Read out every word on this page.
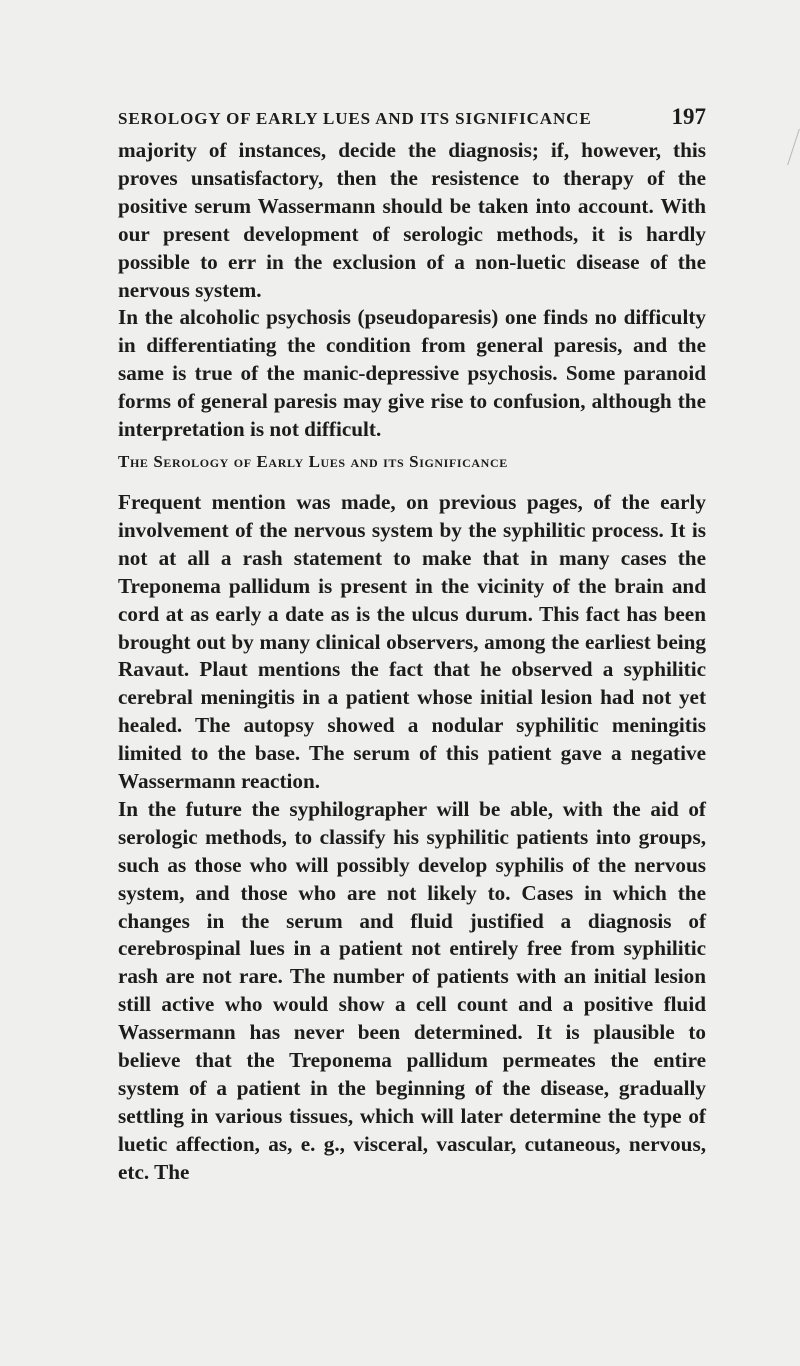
SEROLOGY OF EARLY LUES AND ITS SIGNIFICANCE	197

majority of instances, decide the diagnosis; if, however, this proves unsatisfactory, then the resistence to therapy of the positive serum Wassermann should be taken into account. With our present development of serologic methods, it is hardly possible to err in the exclusion of a non-luetic disease of the nervous system.

In the alcoholic psychosis (pseudoparesis) one finds no difficulty in differentiating the condition from general paresis, and the same is true of the manic-depressive psychosis. Some paranoid forms of general paresis may give rise to confusion, although the interpretation is not difficult.

The Serology of Early Lues and its Significance

Frequent mention was made, on previous pages, of the early involvement of the nervous system by the syphilitic process. It is not at all a rash statement to make that in many cases the Treponema pallidum is present in the vicinity of the brain and cord at as early a date as is the ulcus durum. This fact has been brought out by many clinical observers, among the earliest being Ravaut. Plaut mentions the fact that he observed a syphilitic cerebral meningitis in a patient whose initial lesion had not yet healed. The autopsy showed a nodular syphilitic meningitis limited to the base. The serum of this patient gave a negative Wassermann reaction.

In the future the syphilographer will be able, with the aid of serologic methods, to classify his syphilitic patients into groups, such as those who will possibly develop syphilis of the nervous system, and those who are not likely to. Cases in which the changes in the serum and fluid justified a diagnosis of cerebrospinal lues in a patient not entirely free from syphilitic rash are not rare. The number of patients with an initial lesion still active who would show a cell count and a positive fluid Wassermann has never been determined. It is plausible to believe that the Treponema pallidum permeates the entire system of a patient in the beginning of the disease, gradually settling in various tissues, which will later determine the type of luetic affection, as, e. g., visceral, vascular, cutaneous, nervous, etc. The
